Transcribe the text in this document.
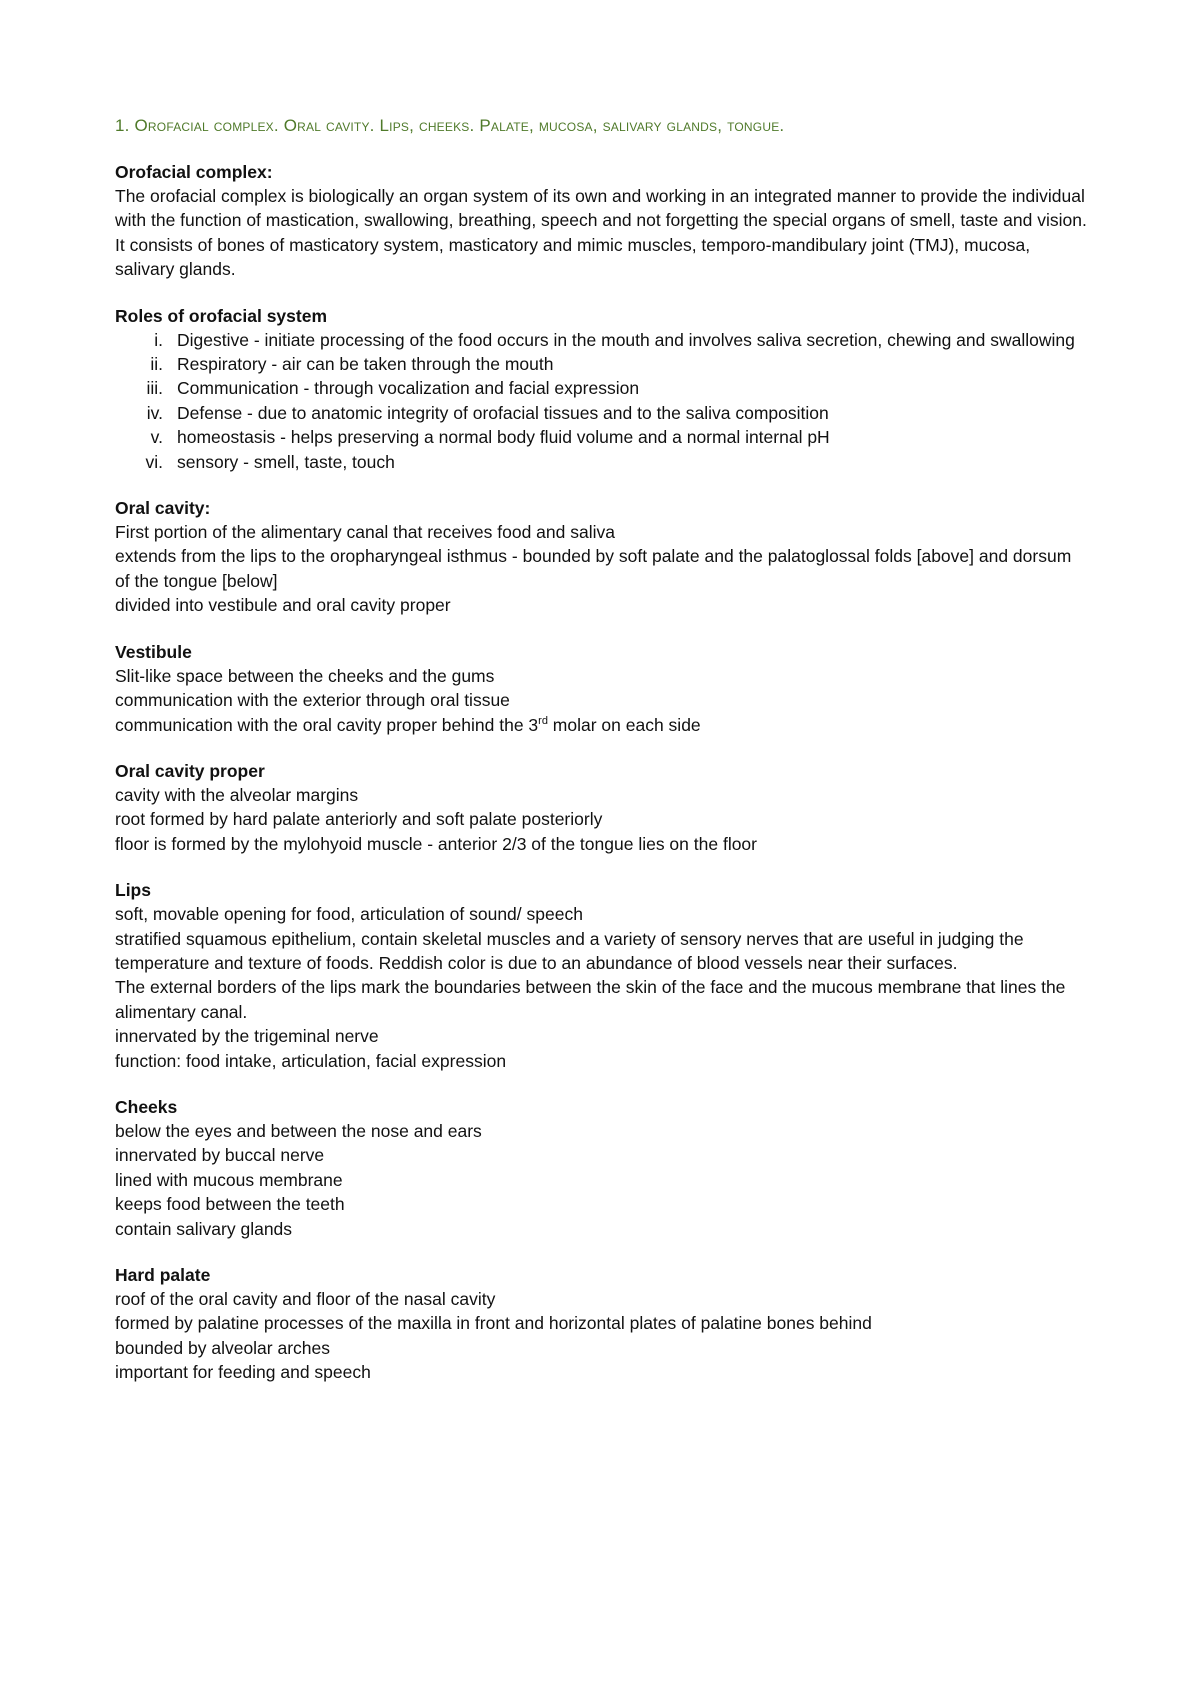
1. Orofacial complex. Oral cavity. Lips, cheeks. Palate, mucosa, salivary glands, tongue.

Orofacial complex:

The orofacial complex is biologically an organ system of its own and working in an integrated manner to provide the individual with the function of mastication, swallowing, breathing, speech and not forgetting the special organs of smell, taste and vision. It consists of bones of masticatory system, masticatory and mimic muscles, temporo-mandibulary joint (TMJ), mucosa, salivary glands.

Roles of orofacial system

i. Digestive - initiate processing of the food occurs in the mouth and involves saliva secretion, chewing and swallowing
ii. Respiratory - air can be taken through the mouth
iii. Communication - through vocalization and facial expression
iv. Defense - due to anatomic integrity of orofacial tissues and to the saliva composition
v. homeostasis - helps preserving a normal body fluid volume and a normal internal pH
vi. sensory - smell, taste, touch

Oral cavity:

First portion of the alimentary canal that receives food and saliva

extends from the lips to the oropharyngeal isthmus - bounded by soft palate and the palatoglossal folds [above] and dorsum of the tongue [below]

divided into vestibule and oral cavity proper

Vestibule

Slit-like space between the cheeks and the gums

communication with the exterior through oral tissue

communication with the oral cavity proper behind the 3rd molar on each side

Oral cavity proper

cavity with the alveolar margins

root formed by hard palate anteriorly and soft palate posteriorly

floor is formed by the mylohyoid muscle - anterior 2/3 of the tongue lies on the floor

Lips

soft, movable opening for food, articulation of sound/ speech

stratified squamous epithelium, contain skeletal muscles and a variety of sensory nerves that are useful in judging the temperature and texture of foods. Reddish color is due to an abundance of blood vessels near their surfaces.

The external borders of the lips mark the boundaries between the skin of the face and the mucous membrane that lines the alimentary canal.

innervated by the trigeminal nerve

function: food intake, articulation, facial expression

Cheeks

below the eyes and between the nose and ears

innervated by buccal nerve

lined with mucous membrane

keeps food between the teeth

contain salivary glands

Hard palate

roof of the oral cavity and floor of the nasal cavity

formed by palatine processes of the maxilla in front and horizontal plates of palatine bones behind

bounded by alveolar arches

important for feeding and speech
